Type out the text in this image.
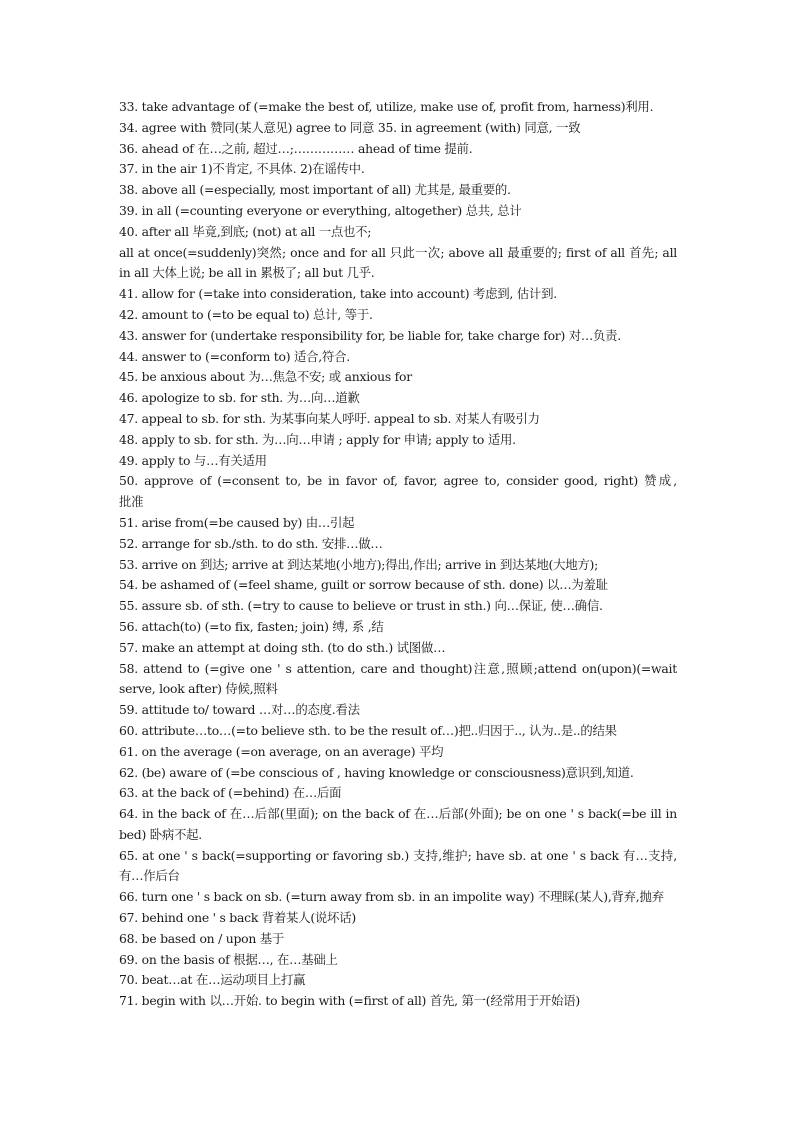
33. take advantage of (=make the best of, utilize, make use of, profit from, harness)利用.
34. agree with 赞同(某人意见) agree to 同意 35. in agreement (with) 同意, 一致
36. ahead of 在…之前, 超过…;…………… ahead of time 提前.
37. in the air 1)不肯定, 不具体. 2)在谣传中.
38. above all (=especially, most important of all) 尤其是, 最重要的.
39. in all (=counting everyone or everything, altogether) 总共, 总计
40. after all 毕竟,到底; (not) at all 一点也不;
all at once(=suddenly)突然; once and for all 只此一次; above all 最重要的; first of all 首先; all
in all 大体上说; be all in 累极了; all but 几乎.
41. allow for (=take into consideration, take into account) 考虑到, 估计到.
42. amount to (=to be equal to) 总计, 等于.
43. answer for (undertake responsibility for, be liable for, take charge for) 对…负责.
44. answer to (=conform to) 适合,符合.
45. be anxious about 为…焦急不安; 或 anxious for
46. apologize to sb. for sth. 为…向…道歉
47. appeal to sb. for sth. 为某事向某人呼吁. appeal to sb. 对某人有吸引力
48. apply to sb. for sth. 为…向…申请 ; apply for 申请; apply to 适用.
49. apply to 与…有关适用
50. approve of (=consent to, be in favor of, favor, agree to, consider good, right) 赞成,
批准
51. arise from(=be caused by) 由…引起
52. arrange for sb./sth. to do sth. 安排…做…
53. arrive on 到达; arrive at 到达某地(小地方);得出,作出; arrive in 到达某地(大地方);
54. be ashamed of (=feel shame, guilt or sorrow because of sth. done) 以…为羞耻
55. assure sb. of sth. (=try to cause to believe or trust in sth.) 向…保证, 使…确信.
56. attach(to) (=to fix, fasten; join) 缚, 系 ,结
57. make an attempt at doing sth. (to do sth.) 试图做…
58. attend to (=give one ' s attention, care and thought)注意,照顾;attend on(upon)(=wait
serve, look after) 侍候,照料
59. attitude to/ toward …对…的态度.看法
60. attribute…to…(=to believe sth. to be the result of…)把..归因于.., 认为..是..的结果
61. on the average (=on average, on an average) 平均
62. (be) aware of (=be conscious of , having knowledge or consciousness)意识到,知道.
63. at the back of (=behind) 在…后面
64. in the back of 在…后部(里面); on the back of 在…后部(外面); be on one ' s back(=be ill in
bed) 卧病不起.
65. at one ' s back(=supporting or favoring sb.) 支持,维护; have sb. at one ' s back 有…支持,
有…作后台
66. turn one ' s back on sb. (=turn away from sb. in an impolite way) 不理睬(某人),背弃,抛弃
67. behind one ' s back 背着某人(说坏话)
68. be based on / upon 基于
69. on the basis of 根据…, 在…基础上
70. beat…at 在…运动项目上打赢
71. begin with 以…开始. to begin with (=first of all) 首先, 第一(经常用于开始语)
